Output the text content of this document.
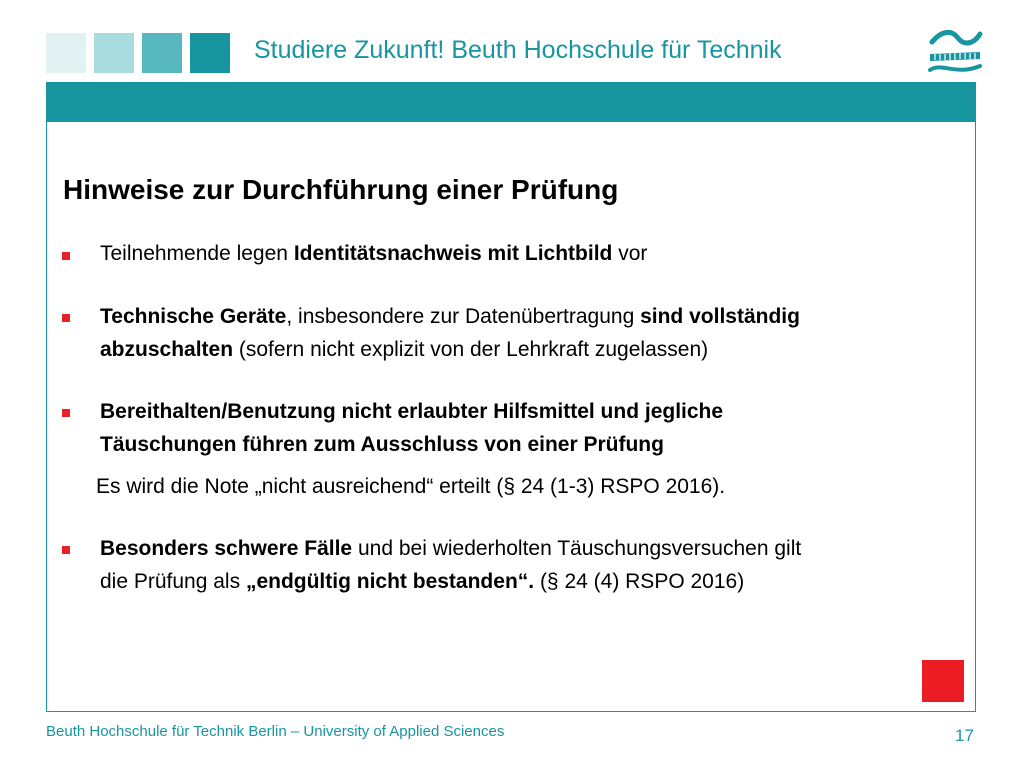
Studiere Zukunft! Beuth Hochschule für Technik
Hinweise zur Durchführung einer Prüfung
Teilnehmende legen Identitätsnachweis mit Lichtbild vor
Technische Geräte, insbesondere zur Datenübertragung sind vollständig
abzuschalten (sofern nicht explizit von der Lehrkraft zugelassen)
Bereithalten/Benutzung nicht erlaubter Hilfsmittel und jegliche
Täuschungen führen zum Ausschluss von einer Prüfung
Es wird die Note „nicht ausreichend“ erteilt (§ 24 (1-3) RSPO 2016).
Besonders schwere Fälle und bei wiederholten Täuschungsversuchen gilt
die Prüfung als „endgültig nicht bestanden“. (§ 24 (4) RSPO 2016)
Beuth Hochschule für Technik Berlin – University of Applied Sciences	17
